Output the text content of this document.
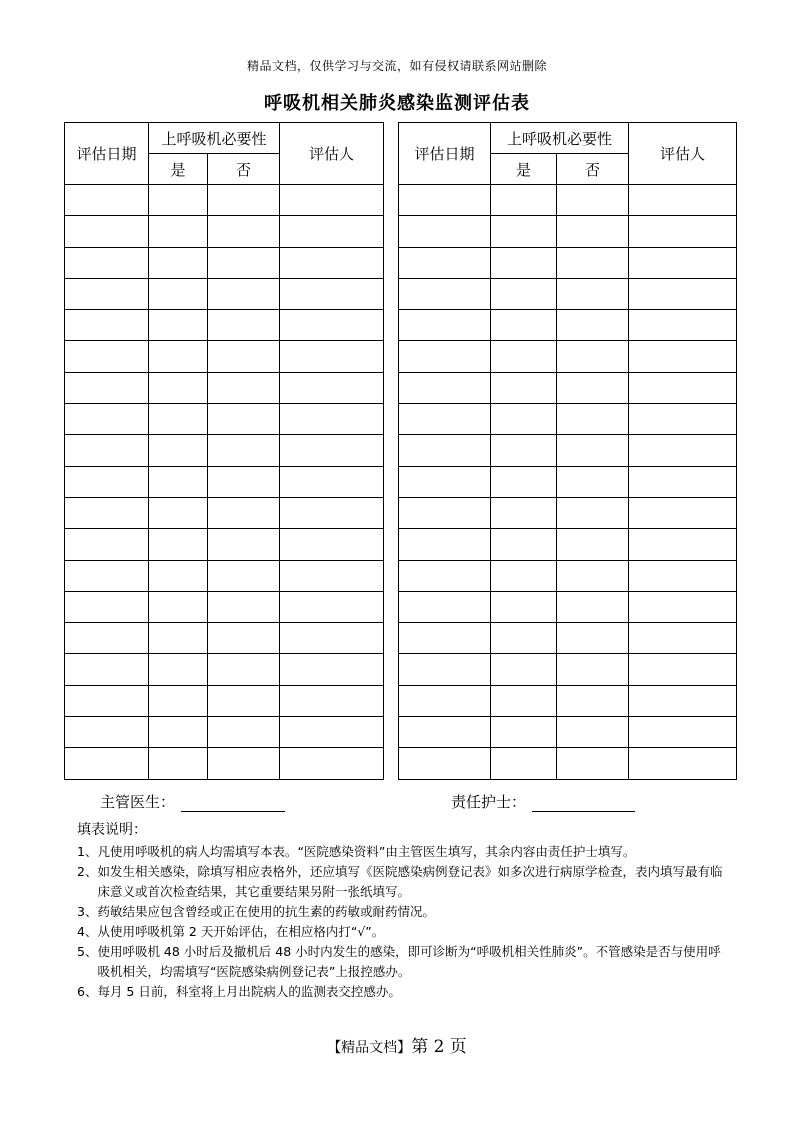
精品文档，仅供学习与交流，如有侵权请联系网站删除
呼吸机相关肺炎感染监测评估表
评估日期	上呼吸机必要性		评估人
	是	否	

评估日期	上呼吸机必要性		评估人
	是	否	

主管医生：	责任护士：
填表说明：
1、 凡使用呼吸机的病人均需填写本表。“医院感染资料”由主管医生填写，其余内容由责任护士填写。
2、 如发生相关感染，除填写相应表格外，还应填写《医院感染病例登记表》如多次进行病原学检查，表内填写最有临床意义或首次检查结果，其它重要结果另附一张纸填写。
3、 药敏结果应包含曾经或正在使用的抗生素的药敏或耐药情况。
4、 从使用呼吸机第 2 天开始评估，在相应格内打“√”。
5、 使用呼吸机 48 小时后及撤机后 48 小时内发生的感染，即可诊断为“呼吸机相关性肺炎”。不管感染是否与使用呼吸机相关，均需填写“医院感染病例登记表”上报控感办。
6、 每月 5 日前，科室将上月出院病人的监测表交控感办。
【精品文档】第 2 页
